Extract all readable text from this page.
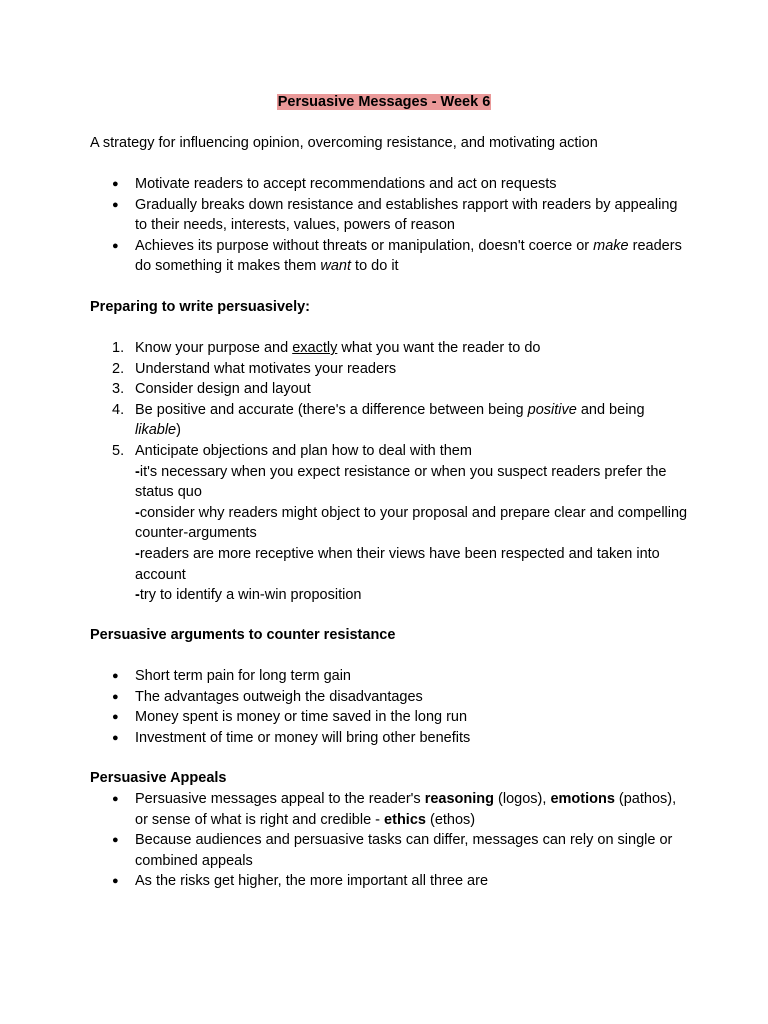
Persuasive Messages - Week 6
A strategy for influencing opinion, overcoming resistance, and motivating action
● Motivate readers to accept recommendations and act on requests
● Gradually breaks down resistance and establishes rapport with readers by appealing to their needs, interests, values, powers of reason
● Achieves its purpose without threats or manipulation, doesn't coerce or make readers do something it makes them want to do it
Preparing to write persuasively:
1. Know your purpose and exactly what you want the reader to do
2. Understand what motivates your readers
3. Consider design and layout
4. Be positive and accurate (there's a difference between being positive and being likable)
5. Anticipate objections and plan how to deal with them
-it's necessary when you expect resistance or when you suspect readers prefer the status quo
-consider why readers might object to your proposal and prepare clear and compelling counter-arguments
-readers are more receptive when their views have been respected and taken into account
-try to identify a win-win proposition
Persuasive arguments to counter resistance
● Short term pain for long term gain
● The advantages outweigh the disadvantages
● Money spent is money or time saved in the long run
● Investment of time or money will bring other benefits
Persuasive Appeals
● Persuasive messages appeal to the reader's reasoning (logos), emotions (pathos), or sense of what is right and credible - ethics (ethos)
● Because audiences and persuasive tasks can differ, messages can rely on single or combined appeals
● As the risks get higher, the more important all three are
